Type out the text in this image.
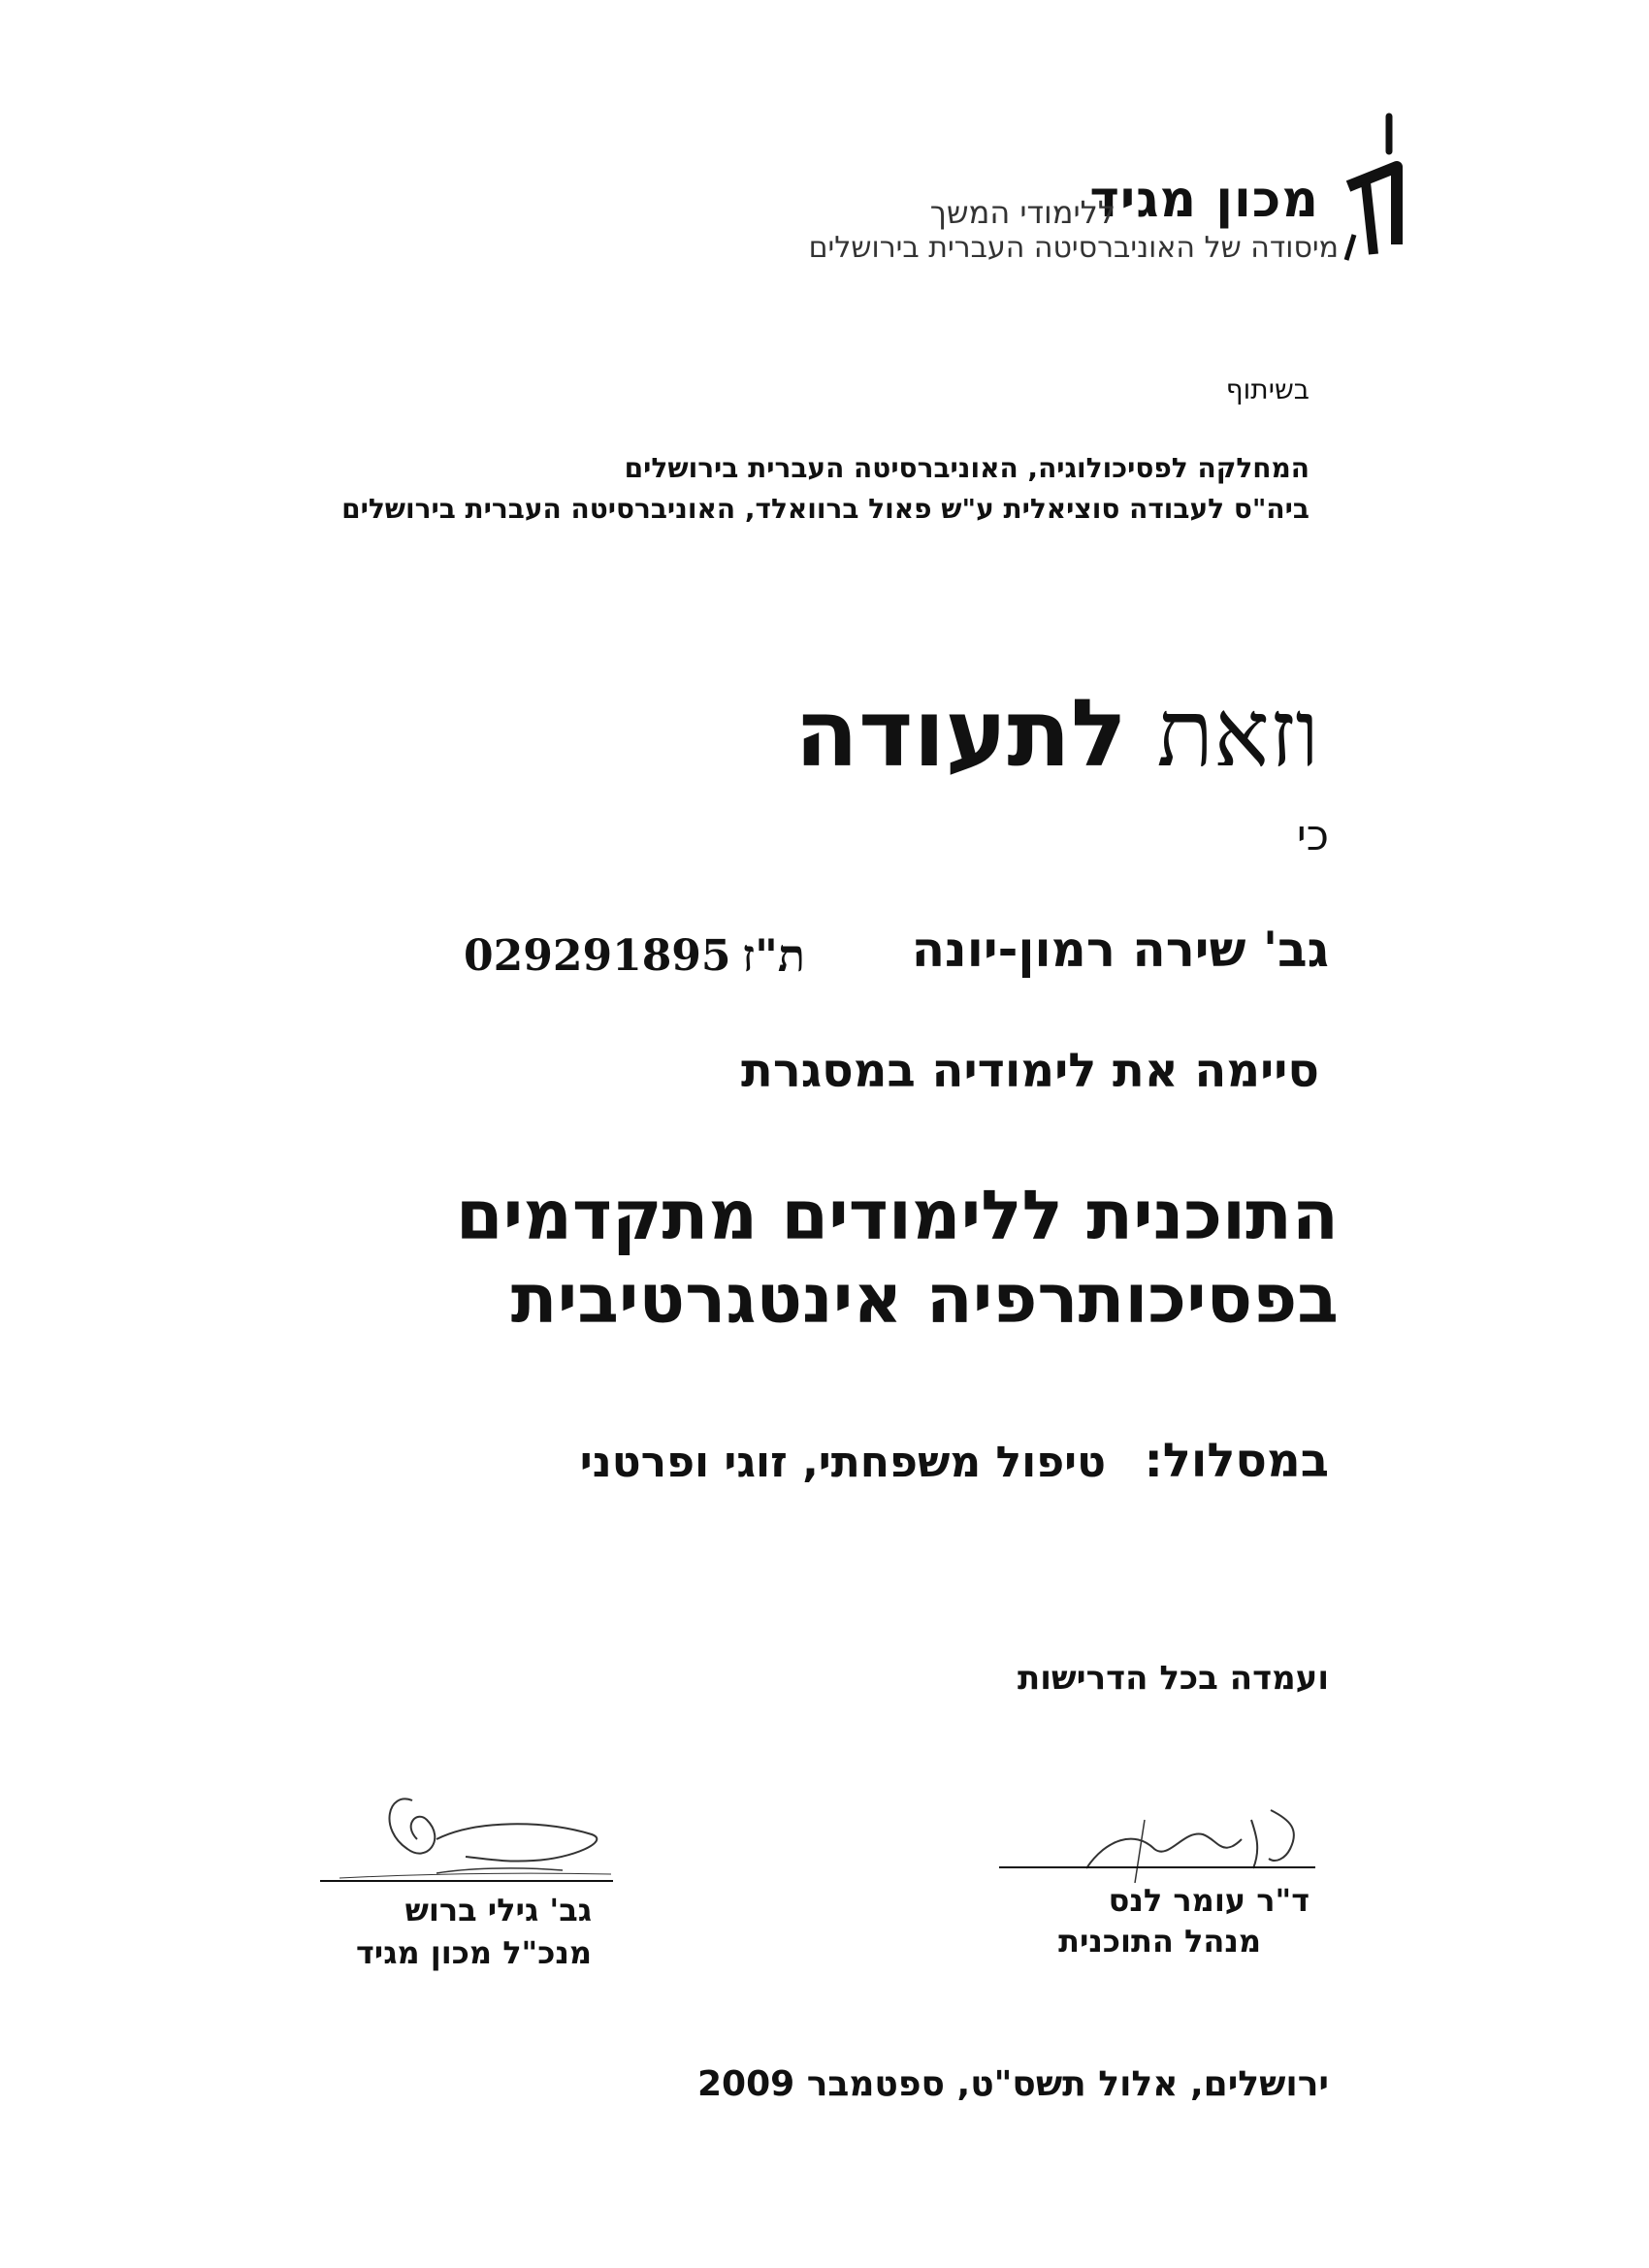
מכון מגיד
ללימודי המשך
מיסודה של האוניברסיטה העברית בירושלים
בשיתוף
המחלקה לפסיכולוגיה, האוניברסיטה העברית בירושלים
ביה"ס לעבודה סוציאלית ע"ש פאול ברוואלד, האוניברסיטה העברית בירושלים
וזאת לתעודה
כי
גב' שירה רמון-יונה
ת"ז
029291895
סיימה את לימודיה במסגרת
התוכנית ללימודים מתקדמים
בפסיכותרפיה אינטגרטיבית
במסלול:
טיפול משפחתי, זוגי ופרטני
ועמדה בכל הדרישות
גב' גילי ברוש
מנכ"ל מכון מגיד
ד"ר עומר לנס
מנהל התוכנית
ירושלים, אלול תשס"ט, ספטמבר 2009
